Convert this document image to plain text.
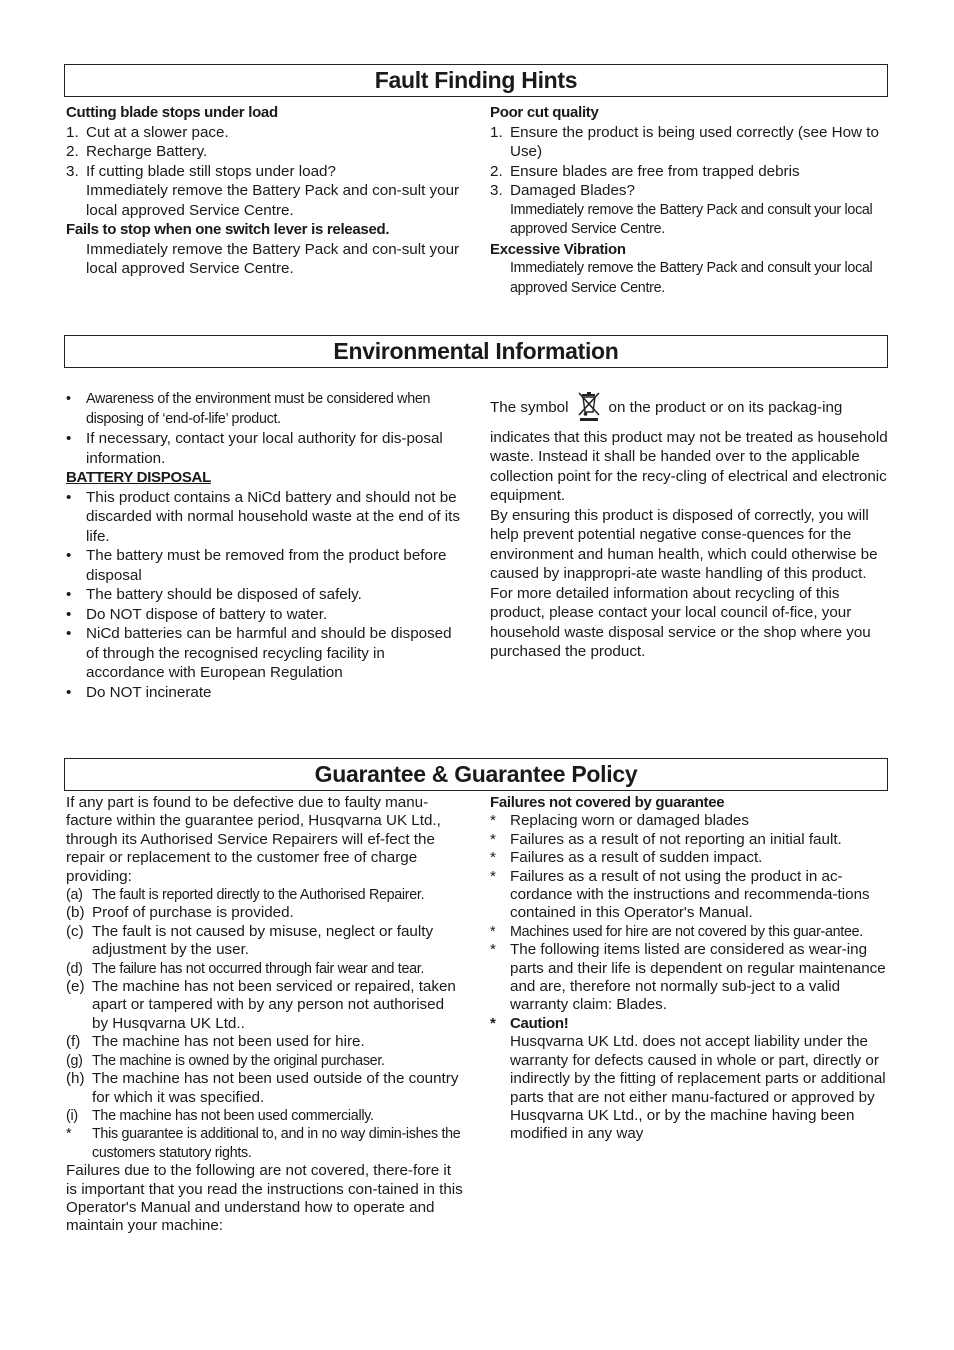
Fault Finding Hints
Cutting blade stops under load
1. Cut at a slower pace.
2. Recharge Battery.
3. If cutting blade still stops under load?
Immediately remove the Battery Pack and con-sult your local approved Service Centre.
Fails to stop when one switch lever is released.
Immediately remove the Battery Pack and con-sult your local approved Service Centre.
Poor cut quality
1. Ensure the product is being used correctly (see How to Use)
2. Ensure blades are free from trapped debris
3. Damaged Blades?
Immediately remove the Battery Pack and consult your local approved Service Centre.
Excessive Vibration
Immediately remove the Battery Pack and consult your local approved Service Centre.
Environmental Information
•	Awareness of the environment must be considered when disposing of ‘end-of-life’ product.
• If necessary, contact your local authority for dis-posal information.
BATTERY DISPOSAL
• This product contains a NiCd battery and should not be discarded with normal household waste at the end of its life.
• The battery must be removed from the product before disposal
• The battery should be disposed of safely.
• Do NOT dispose of battery to water.
• NiCd batteries can be harmful and should be disposed of through the recognised recycling facility in accordance with European Regulation
• Do NOT incinerate
The symbol	on the product or on its packag-ing indicates that this product may not be treated as household waste. Instead it shall be handed over to the applicable collection point for the recy-cling of electrical and electronic equipment.
By ensuring this product is disposed of correctly, you will help prevent potential negative conse-quences for the environment and human health, which could otherwise be caused by inappropri-ate waste handling of this product.
For more detailed information about recycling of this product, please contact your local council of-fice, your household waste disposal service or the shop where you purchased the product.
Guarantee & Guarantee Policy
If any part is found to be defective due to faulty manu-facture within the guarantee period, Husqvarna UK Ltd., through its Authorised Service Repairers will ef-fect the repair or replacement to the customer free of charge providing:
(a) The fault is reported directly to the Authorised Repairer.
(b) Proof of purchase is provided.
(c) The fault is not caused by misuse, neglect or faulty adjustment by the user.
(d) The failure has not occurred through fair wear and tear.
(e) The machine has not been serviced or repaired, taken apart or tampered with by any person not authorised by Husqvarna UK Ltd..
(f) The machine has not been used for hire.
(g) The machine is owned by the original purchaser.
(h) The machine has not been used outside of the country for which it was specified.
(i) The machine has not been used commercially.
*	This guarantee is additional to, and in no way dimin-ishes the customers statutory rights.
Failures due to the following are not covered, there-fore it is important that you read the instructions con-tained in this Operator's Manual and understand how to operate and maintain your machine:
Failures not covered by guarantee
* Replacing worn or damaged blades
* Failures as a result of not reporting an initial fault.
* Failures as a result of sudden impact.
* Failures as a result of not using the product in ac-cordance with the instructions and recommenda-tions contained in this Operator's Manual.
*	Machines used for hire are not covered by this guar-antee.
* The following items listed are considered as wear-ing parts and their life is dependent on regular maintenance and are, therefore not normally sub-ject to a valid warranty claim: Blades.
* Caution!
Husqvarna UK Ltd. does not accept liability under the warranty for defects caused in whole or part, directly or indirectly by the fitting of replacement parts or additional parts that are not either manu-factured or approved by Husqvarna UK Ltd., or by the machine having been modified in any way
